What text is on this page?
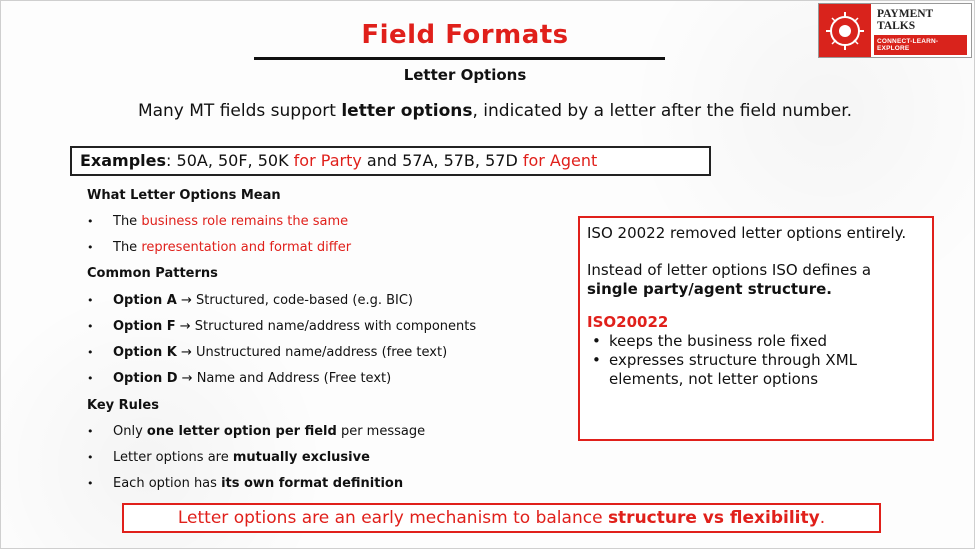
Field Formats
Letter Options
PAYMENT TALKS
CONNECT-LEARN-EXPLORE
Many MT fields support letter options, indicated by a letter after the field number.
Examples: 50A, 50F, 50K for Party and 57A, 57B, 57D for Agent
What Letter Options Mean
• The business role remains the same
• The representation and format differ
Common Patterns
• Option A → Structured, code-based (e.g. BIC)
• Option F → Structured name/address with components
• Option K → Unstructured name/address (free text)
• Option D → Name and Address (Free text)
Key Rules
• Only one letter option per field per message
• Letter options are mutually exclusive
• Each option has its own format definition

ISO 20022 removed letter options entirely.

Instead of letter options ISO defines a single party/agent structure.

ISO20022

• keeps the business role fixed
• expresses structure through XML elements, not letter options
Letter options are an early mechanism to balance structure vs flexibility.
